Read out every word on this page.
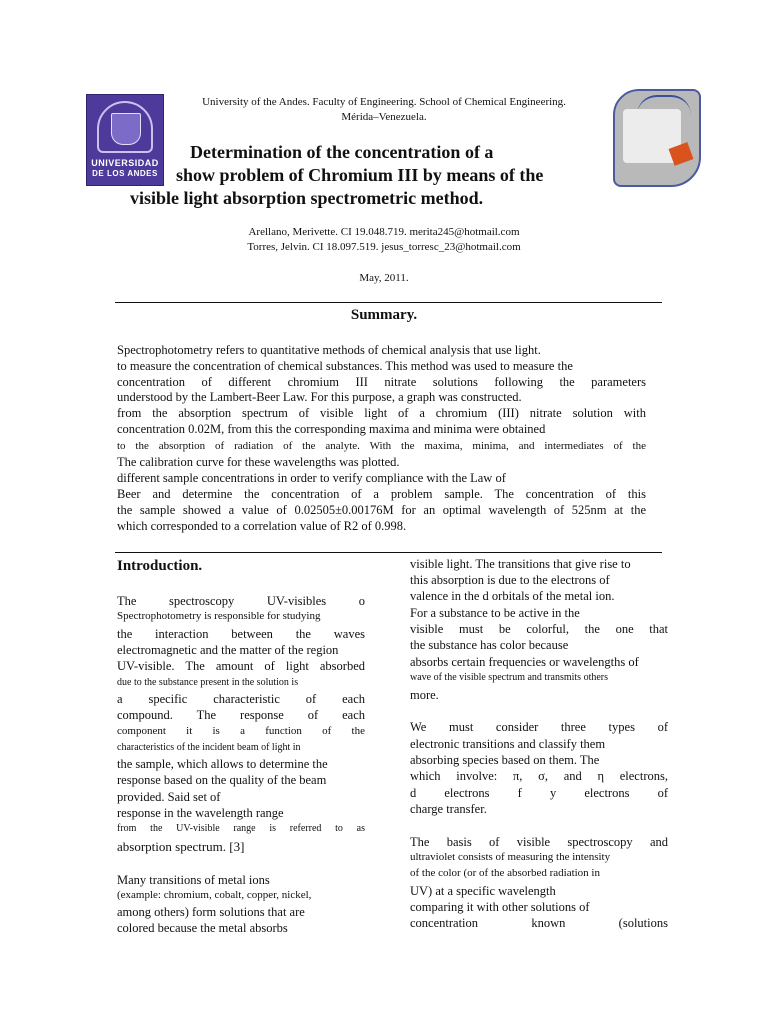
UNIVERSIDAD
DE LOS ANDES
University of the Andes. Faculty of Engineering. School of Chemical Engineering.
Mérida–Venezuela.
Determination of the concentration of a
show problem of Chromium III by means of the
visible light absorption spectrometric method.
Arellano, Merivette. CI 19.048.719. merita245@hotmail.com
Torres, Jelvin. CI 18.097.519. jesus_torresc_23@hotmail.com
May, 2011.
Summary.
Spectrophotometry refers to quantitative methods of chemical analysis that use light.
to measure the concentration of chemical substances. This method was used to measure the
concentration of different chromium III nitrate solutions following the parameters
understood by the Lambert-Beer Law. For this purpose, a graph was constructed.
from the absorption spectrum of visible light of a chromium (III) nitrate solution with
concentration 0.02M, from this the corresponding maxima and minima were obtained
to the absorption of radiation of the analyte. With the maxima, minima, and intermediates of the
The calibration curve for these wavelengths was plotted.
different sample concentrations in order to verify compliance with the Law of
Beer and determine the concentration of a problem sample. The concentration of this
the sample showed a value of 0.02505±0.00176M for an optimal wavelength of 525nm at the
which corresponded to a correlation value of R2 of 0.998.
Introduction.
The spectroscopy UV-visibles o
Spectrophotometry is responsible for studying
the interaction between the waves
electromagnetic and the matter of the region
UV-visible. The amount of light absorbed
due to the substance present in the solution is
a specific characteristic of each
compound. The response of each
component it is a function of the
characteristics of the incident beam of light in
the sample, which allows to determine the
response based on the quality of the beam
provided. Said set of
response in the wavelength range
from the UV-visible range is referred to as
absorption spectrum. [3]
Many transitions of metal ions
(example: chromium, cobalt, copper, nickel,
among others) form solutions that are
colored because the metal absorbs
visible light. The transitions that give rise to
this absorption is due to the electrons of
valence in the d orbitals of the metal ion.
For a substance to be active in the
visible must be colorful, the one that
the substance has color because
absorbs certain frequencies or wavelengths of
wave of the visible spectrum and transmits others
more.
We must consider three types of
electronic transitions and classify them
absorbing species based on them. The
which involve: π, σ, and η electrons,
d electrons f y electrons of
charge transfer.
The basis of visible spectroscopy and
ultraviolet consists of measuring the intensity
of the color (or of the absorbed radiation in
UV) at a specific wavelength
comparing it with other solutions of
concentration known (solutions
